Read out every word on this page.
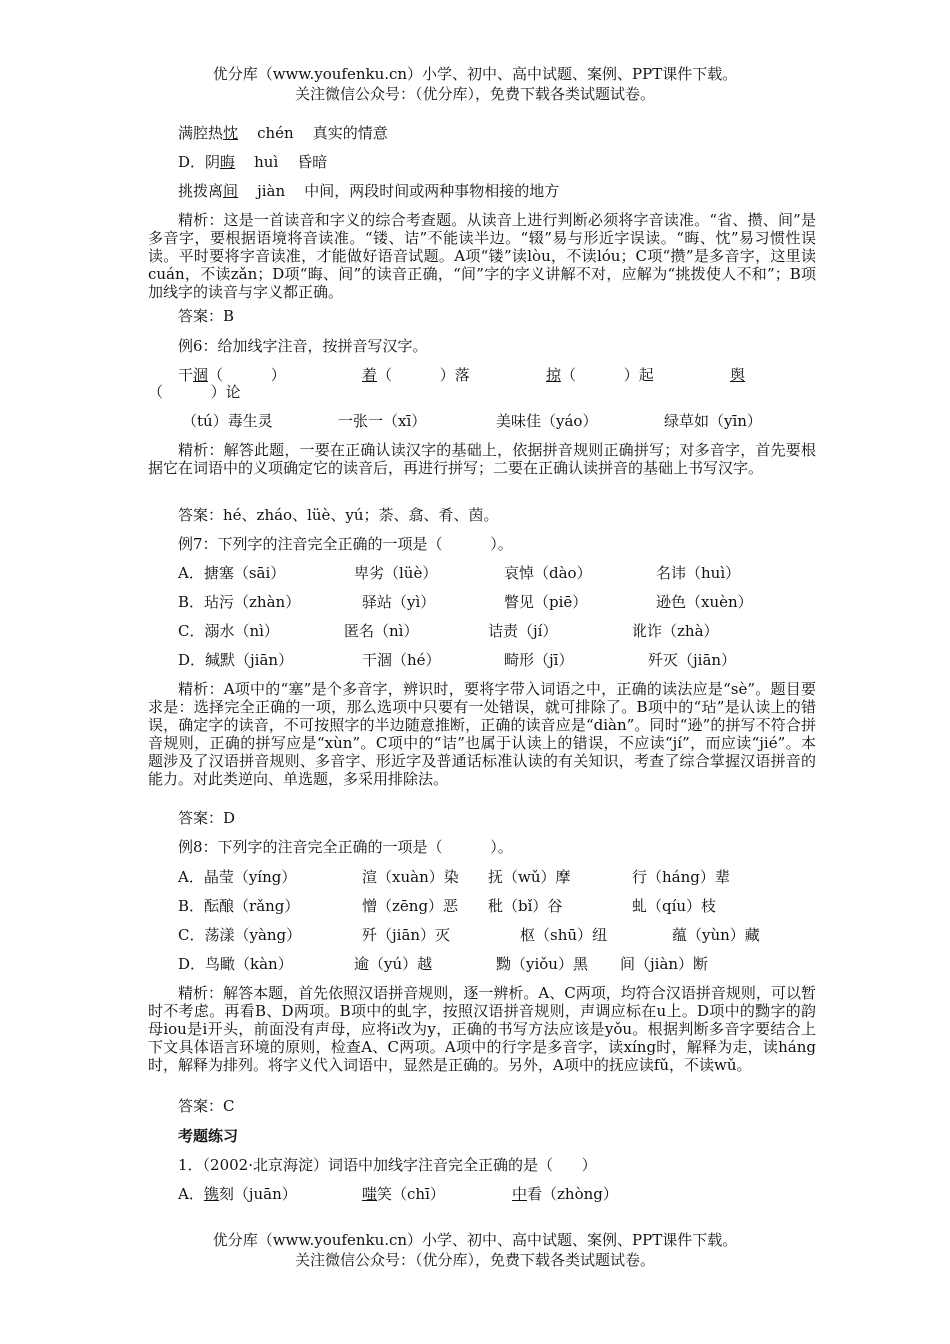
优分库（www.youfenku.cn）小学、初中、高中试题、案例、PPT课件下载。
关注微信公众号：（优分库），免费下载各类试题试卷。
满腔热忱    chén    真实的情意
D．阴晦    huì    昏暗
挑拨离间    jiàn    中间，两段时间或两种事物相接的地方
精析：这是一首读音和字义的综合考查题。从读音上进行判断必须将字音读准。“省、攒、间”是多音字，要根据语境将音读准。“镂、诘”不能读半边。“辍”易与形近字误读。“晦、忱”易习惯性误读。平时要将字音读准，才能做好语音试题。A项“镂”读lòu，不读lóu；C项“攒”是多音字，这里读cuán，不读zǎn；D项“晦、间”的读音正确，“间”字的字义讲解不对，应解为“挑拨使人不和”；B项加线字的读音与字义都正确。
答案：B
例6：给加线字注音，按拼音写汉字。
干涸（          ）	着（          ）落	掠（          ）起	舆
（          ）论
（tú）毒生灵	一张一（xī）	美味佳（yáo）	绿草如（yīn）
精析：解答此题，一要在正确认读汉字的基础上，依据拼音规则正确拼写；对多音字，首先要根据它在词语中的义项确定它的读音后，再进行拼写；二要在正确认读拼音的基础上书写汉字。
答案：hé、zháo、lüè、yú；荼、翕、肴、茵。
例7：下列字的注音完全正确的一项是（          ）。
A．搪塞（sāi）	卑劣（lüè）	哀悼（dào）	名讳（huì）
B．玷污（zhàn）	驿站（yì）	瞥见（piē）	逊色（xuèn）
C．溺水（nì）	匿名（nì）	诘责（jí）	讹诈（zhà）
D．缄默（jiān）	干涸（hé）	畸形（jī）	歼灭（jiān）
精析：A项中的“塞”是个多音字，辨识时，要将字带入词语之中，正确的读法应是“sè”。题目要求是：选择完全正确的一项，那么选项中只要有一处错误，就可排除了。B项中的“玷”是认读上的错误，确定字的读音，不可按照字的半边随意推断，正确的读音应是“diàn”。同时“逊”的拼写不符合拼音规则，正确的拼写应是“xùn”。C项中的“诘”也属于认读上的错误，不应读“jí”，而应读“jié”。本题涉及了汉语拼音规则、多音字、形近字及普通话标准认读的有关知识，考查了综合掌握汉语拼音的能力。对此类逆向、单选题，多采用排除法。
答案：D
例8：下列字的注音完全正确的一项是（          ）。
A．晶莹（yíng）	渲（xuàn）染 抚（wǔ）摩	行（háng）辈
B．酝酿（rǎng）	憎（zēng）恶 秕（bǐ）谷	虬（qíu）枝
C．荡漾（yàng）	歼（jiān）灭	枢（shū）纽	蕴（yùn）藏
D．鸟瞰（kàn）	逾（yú）越	黝（yiǒu）黑 间（jiàn）断
精析：解答本题，首先依照汉语拼音规则，逐一辨析。A、C两项，均符合汉语拼音规则，可以暂时不考虑。再看B、D两项。B项中的虬字，按照汉语拼音规则，声调应标在u上。D项中的黝字的韵母iou是i开头，前面没有声母，应将i改为y，正确的书写方法应该是yǒu。根据判断多音字要结合上下文具体语言环境的原则，检查A、C两项。A项中的行字是多音字，读xíng时，解释为走，读háng时，解释为排列。将字义代入词语中，显然是正确的。另外，A项中的抚应读fǔ，不读wǔ。
答案：C
考题练习
1．（2002·北京海淀）词语中加线字注音完全正确的是（      ）
A．镌刻（juān）	嗤笑（chī）	中看（zhòng）
优分库（www.youfenku.cn）小学、初中、高中试题、案例、PPT课件下载。
关注微信公众号：（优分库），免费下载各类试题试卷。
